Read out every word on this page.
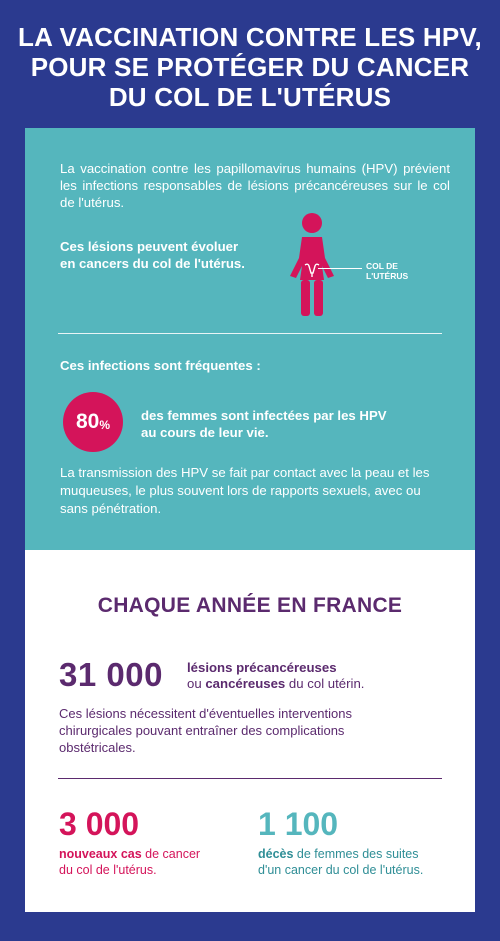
LA VACCINATION CONTRE LES HPV,
POUR SE PROTÉGER DU CANCER
DU COL DE L'UTÉRUS
La vaccination contre les papillomavirus humains (HPV) prévient les infections responsables de lésions précancéreuses sur le col de l'utérus.
Ces lésions peuvent évoluer
en cancers du col de l'utérus.	COL DE
L'UTÉRUS
Ces infections sont fréquentes :
80 %
des femmes sont infectées par les HPV
au cours de leur vie.
La transmission des HPV se fait par contact avec la peau et les muqueuses, le plus souvent lors de rapports sexuels, avec ou sans pénétration.
CHAQUE ANNÉE EN FRANCE
31 000 lésions précancéreuses
ou cancéreuses du col utérin.
Ces lésions nécessitent d'éventuelles interventions chirurgicales pouvant entraîner des complications obstétricales.
3 000
nouveaux cas de cancer
du col de l'utérus.
1 100
décès de femmes des suites
d'un cancer du col de l'utérus.
